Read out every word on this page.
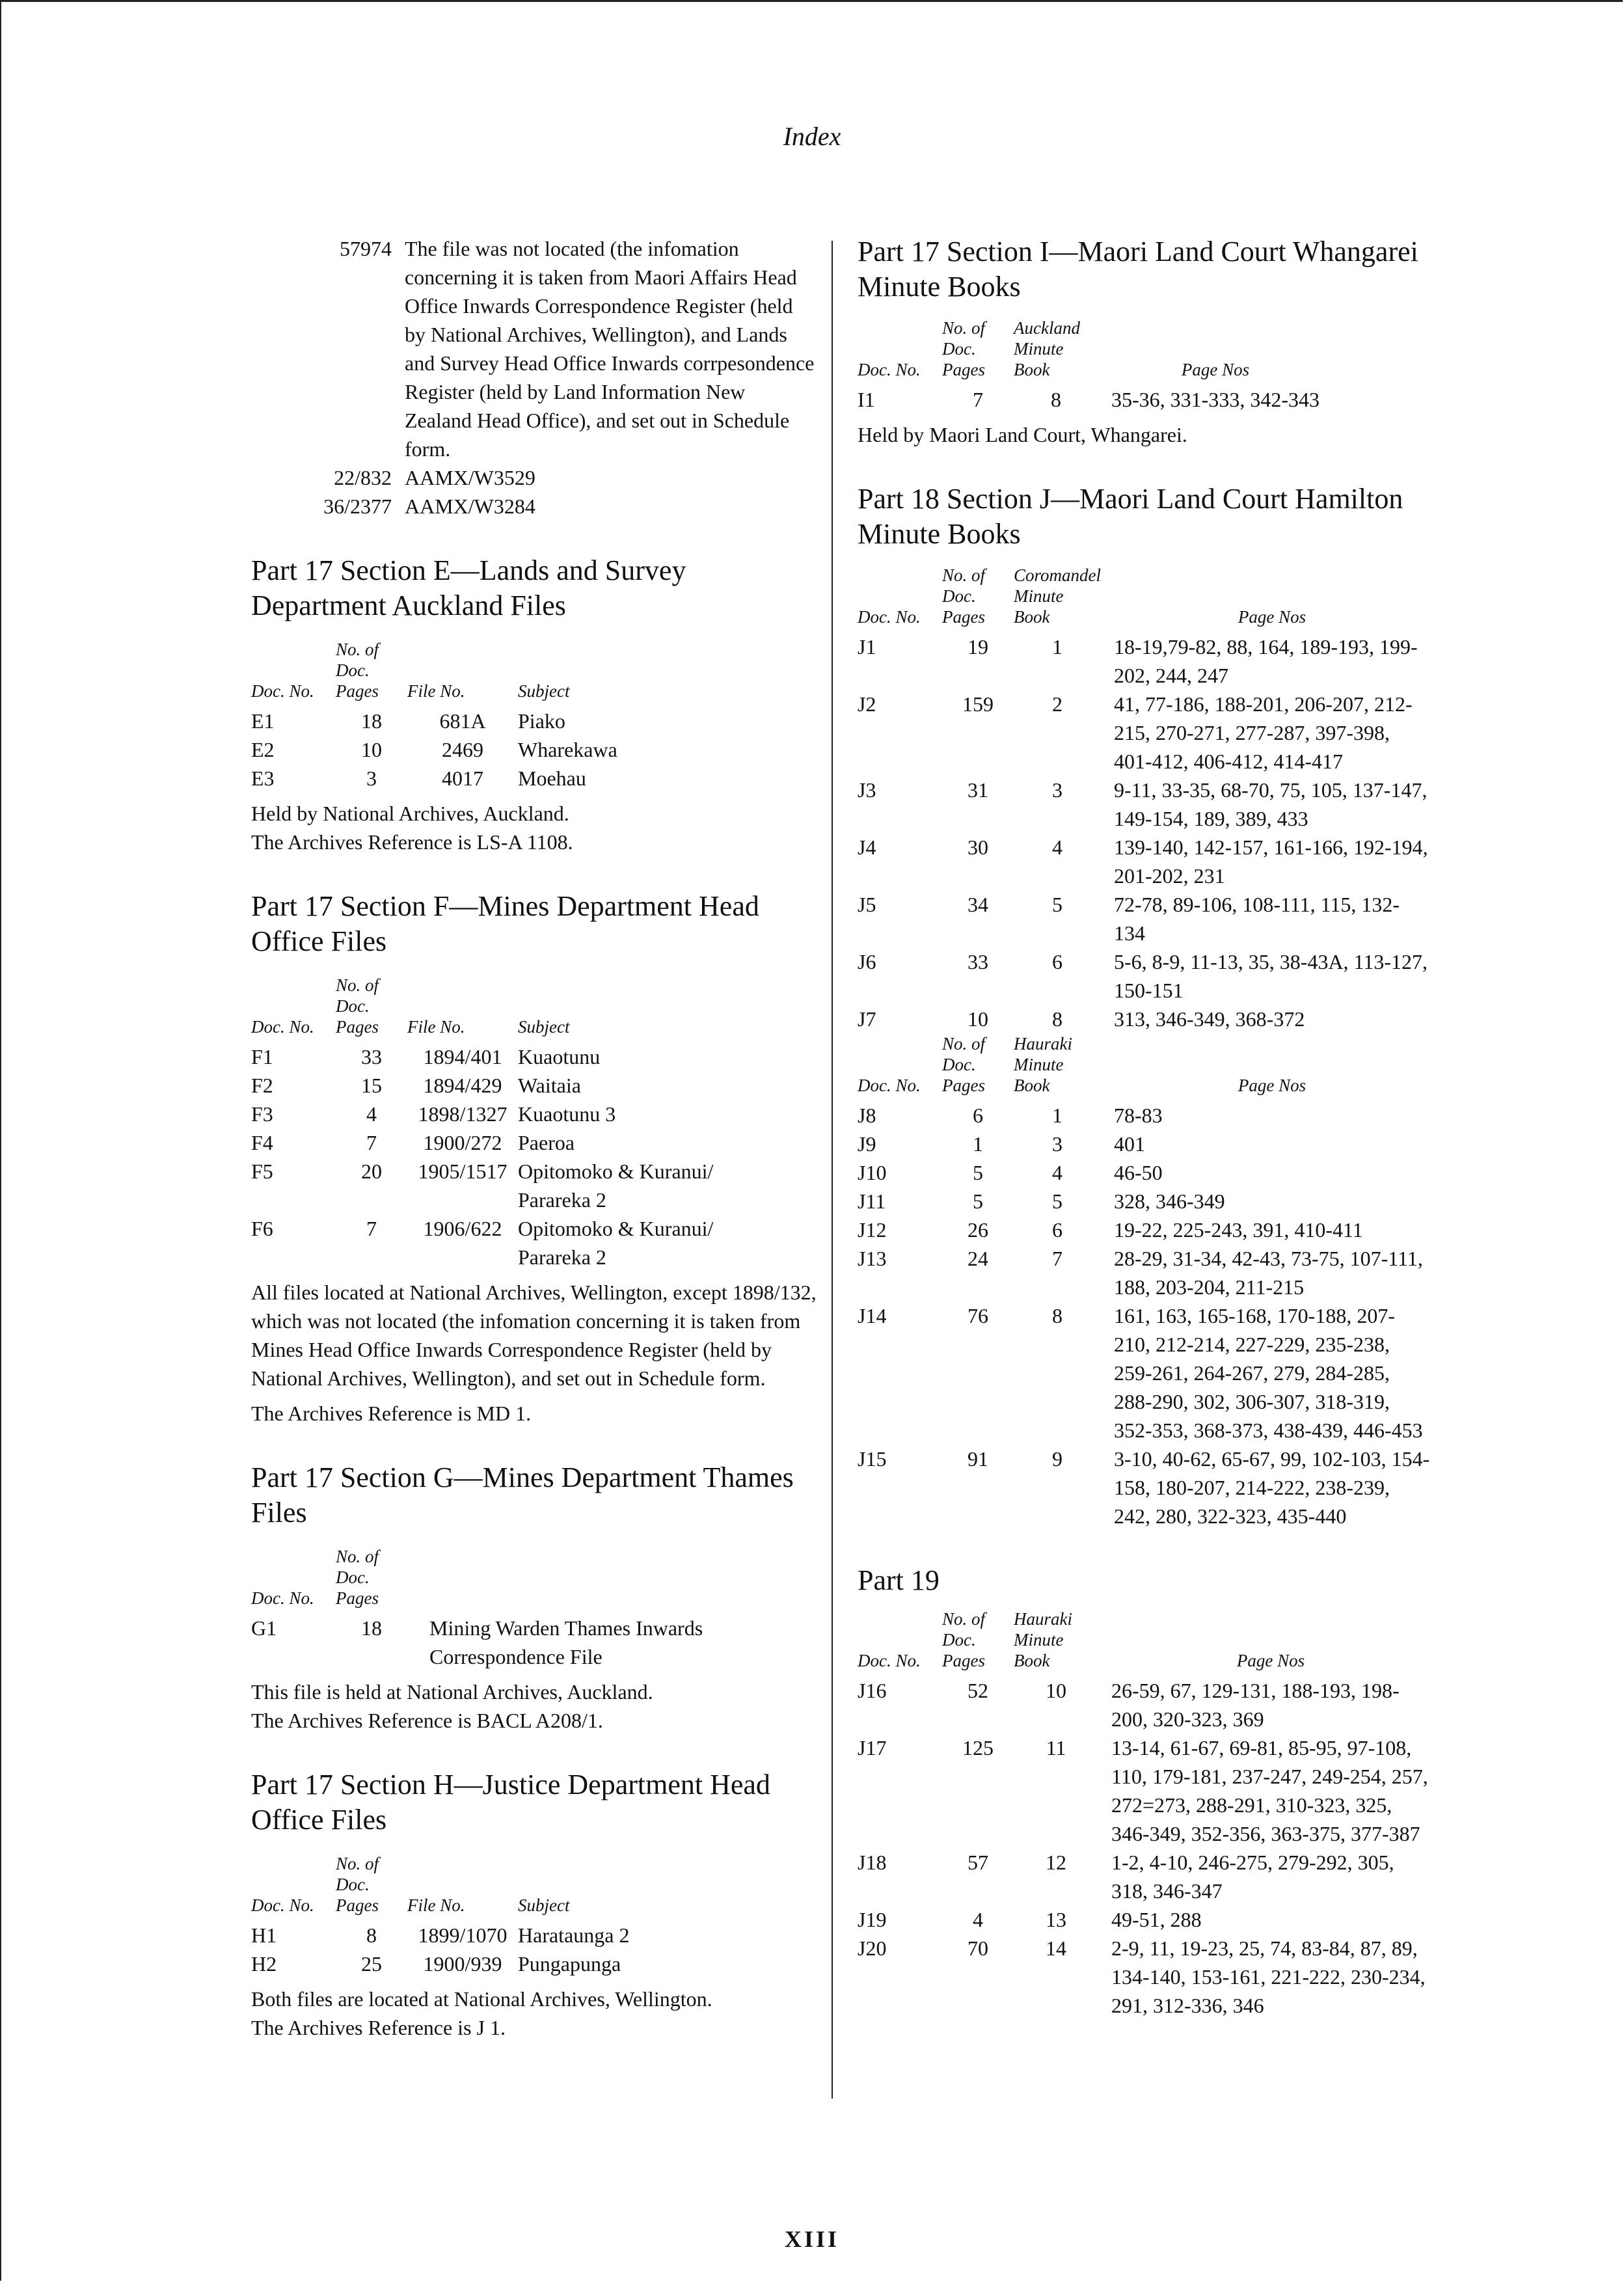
Index
57974 The file was not located (the infomation concerning it is taken from Maori Affairs Head Office Inwards Correspondence Register (held by National Archives, Wellington), and Lands and Survey Head Office Inwards corrpesondence Register (held by Land Information New Zealand Head Office), and set out in Schedule form.
22/832 AAMX/W3529
36/2377 AAMX/W3284
Part 17 Section E—Lands and Survey Department Auckland Files
Doc. No.	No. of Doc. Pages	File No.	Subject
E1	18	681A	Piako
E2	10	2469	Wharekawa
E3	3	4017	Moehau
Held by National Archives, Auckland.
The Archives Reference is LS-A 1108.
Part 17 Section F—Mines Department Head Office Files
Doc. No.	No. of Doc. Pages	File No.	Subject
F1	33	1894/401	Kuaotunu
F2	15	1894/429	Waitaia
F3	4	1898/1327	Kuaotunu 3
F4	7	1900/272	Paeroa
F5	20	1905/1517	Opitomoko & Kuranui/ Parareka 2
F6	7	1906/622	Opitomoko & Kuranui/ Parareka 2
All files located at National Archives, Wellington, except 1898/132, which was not located (the infomation concerning it is taken from Mines Head Office Inwards Correspondence Register (held by National Archives, Wellington), and set out in Schedule form.
The Archives Reference is MD 1.
Part 17 Section G—Mines Department Thames Files
Doc. No.	No. of Doc. Pages	
G1	18	Mining Warden Thames Inwards Correspondence File
This file is held at National Archives, Auckland.
The Archives Reference is BACL A208/1.
Part 17 Section H—Justice Department Head Office Files
Doc. No.	No. of Doc. Pages	File No.	Subject
H1	8	1899/1070	Harataunga 2
H2	25	1900/939	Pungapunga
Both files are located at National Archives, Wellington.
The Archives Reference is J 1.
Part 17 Section I—Maori Land Court Whangarei Minute Books
Doc. No.	No. of Doc. Pages	Auckland Minute Book	Page Nos
I1	7	8	35-36, 331-333, 342-343
Held by Maori Land Court, Whangarei.
Part 18 Section J—Maori Land Court Hamilton Minute Books
Doc. No.	No. of Doc. Pages	Coromandel Minute Book	Page Nos
J1	19	1	18-19,79-82, 88, 164, 189-193, 199-202, 244, 247
J2	159	2	41, 77-186, 188-201, 206-207, 212-215, 270-271, 277-287, 397-398, 401-412, 406-412, 414-417
J3	31	3	9-11, 33-35, 68-70, 75, 105, 137-147, 149-154, 189, 389, 433
J4	30	4	139-140, 142-157, 161-166, 192-194, 201-202, 231
J5	34	5	72-78, 89-106, 108-111, 115, 132-134
J6	33	6	5-6, 8-9, 11-13, 35, 38-43A, 113-127, 150-151
J7	10	8	313, 346-349, 368-372
Doc. No.	No. of Doc. Pages	Hauraki Minute Book	Page Nos
J8	6	1	78-83
J9	1	3	401
J10	5	4	46-50
J11	5	5	328, 346-349
J12	26	6	19-22, 225-243, 391, 410-411
J13	24	7	28-29, 31-34, 42-43, 73-75, 107-111, 188, 203-204, 211-215
J14	76	8	161, 163, 165-168, 170-188, 207-210, 212-214, 227-229, 235-238, 259-261, 264-267, 279, 284-285, 288-290, 302, 306-307, 318-319, 352-353, 368-373, 438-439, 446-453
J15	91	9	3-10, 40-62, 65-67, 99, 102-103, 154-158, 180-207, 214-222, 238-239, 242, 280, 322-323, 435-440
Part 19
Doc. No.	No. of Doc. Pages	Hauraki Minute Book	Page Nos
J16	52	10	26-59, 67, 129-131, 188-193, 198-200, 320-323, 369
J17	125	11	13-14, 61-67, 69-81, 85-95, 97-108, 110, 179-181, 237-247, 249-254, 257, 272=273, 288-291, 310-323, 325, 346-349, 352-356, 363-375, 377-387
J18	57	12	1-2, 4-10, 246-275, 279-292, 305, 318, 346-347
J19	4	13	49-51, 288
J20	70	14	2-9, 11, 19-23, 25, 74, 83-84, 87, 89, 134-140, 153-161, 221-222, 230-234, 291, 312-336, 346
XIII
